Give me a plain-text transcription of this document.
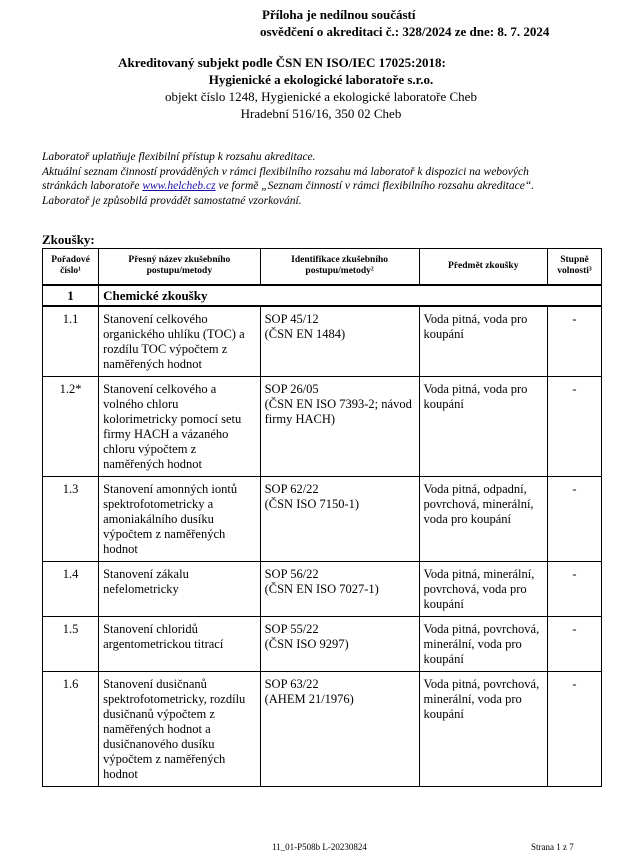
Příloha je nedílnou součástí
osvědčení o akreditaci č.: 328/2024 ze dne: 8. 7. 2024
Akreditovaný subjekt podle ČSN EN ISO/IEC 17025:2018:
Hygienické a ekologické laboratoře s.r.o.
objekt číslo 1248, Hygienické a ekologické laboratoře Cheb
Hradební 516/16, 350 02 Cheb
Laboratoř uplatňuje flexibilní přístup k rozsahu akreditace.
Aktuální seznam činností prováděných v rámci flexibilního rozsahu má laboratoř k dispozici na webových
stránkách laboratoře www.helcheb.cz ve formě „Seznam činností v rámci flexibilního rozsahu akreditace“.
Laboratoř je způsobilá provádět samostatné vzorkování.
Zkoušky:
Pořadové číslo¹	Přesný název zkušebního postupu/metody	Identifikace zkušebního postupu/metody²	Předmět zkoušky	Stupně volnosti³
1	Chemické zkoušky			
1.1	Stanovení celkového organického uhlíku (TOC) a rozdílu TOC výpočtem z naměřených hodnot	SOP 45/12
(ČSN EN 1484)	Voda pitná, voda pro koupání	-
1.2*	Stanovení celkového a volného chloru kolorimetricky pomocí setu firmy HACH a vázaného chloru výpočtem z naměřených hodnot	SOP 26/05
(ČSN EN ISO 7393-2; návod firmy HACH)	Voda pitná, voda pro koupání	-
1.3	Stanovení amonných iontů spektrofotometricky a amoniakálního dusíku výpočtem z naměřených hodnot	SOP 62/22
(ČSN ISO 7150-1)	Voda pitná, odpadní, povrchová, minerální, voda pro koupání	-
1.4	Stanovení zákalu nefelometricky	SOP 56/22
(ČSN EN ISO 7027-1)	Voda pitná, minerální, povrchová, voda pro koupání	-
1.5	Stanovení chloridů argentometrickou titrací	SOP 55/22
(ČSN ISO 9297)	Voda pitná, povrchová, minerální, voda pro koupání	-
1.6	Stanovení dusičnanů spektrofotometricky, rozdílu dusičnanů výpočtem z naměřených hodnot a dusičnanového dusíku výpočtem z naměřených hodnot	SOP 63/22
(AHEM 21/1976)	Voda pitná, povrchová, minerální, voda pro koupání	-
11_01-P508b L-20230824	Strana 1 z 7
